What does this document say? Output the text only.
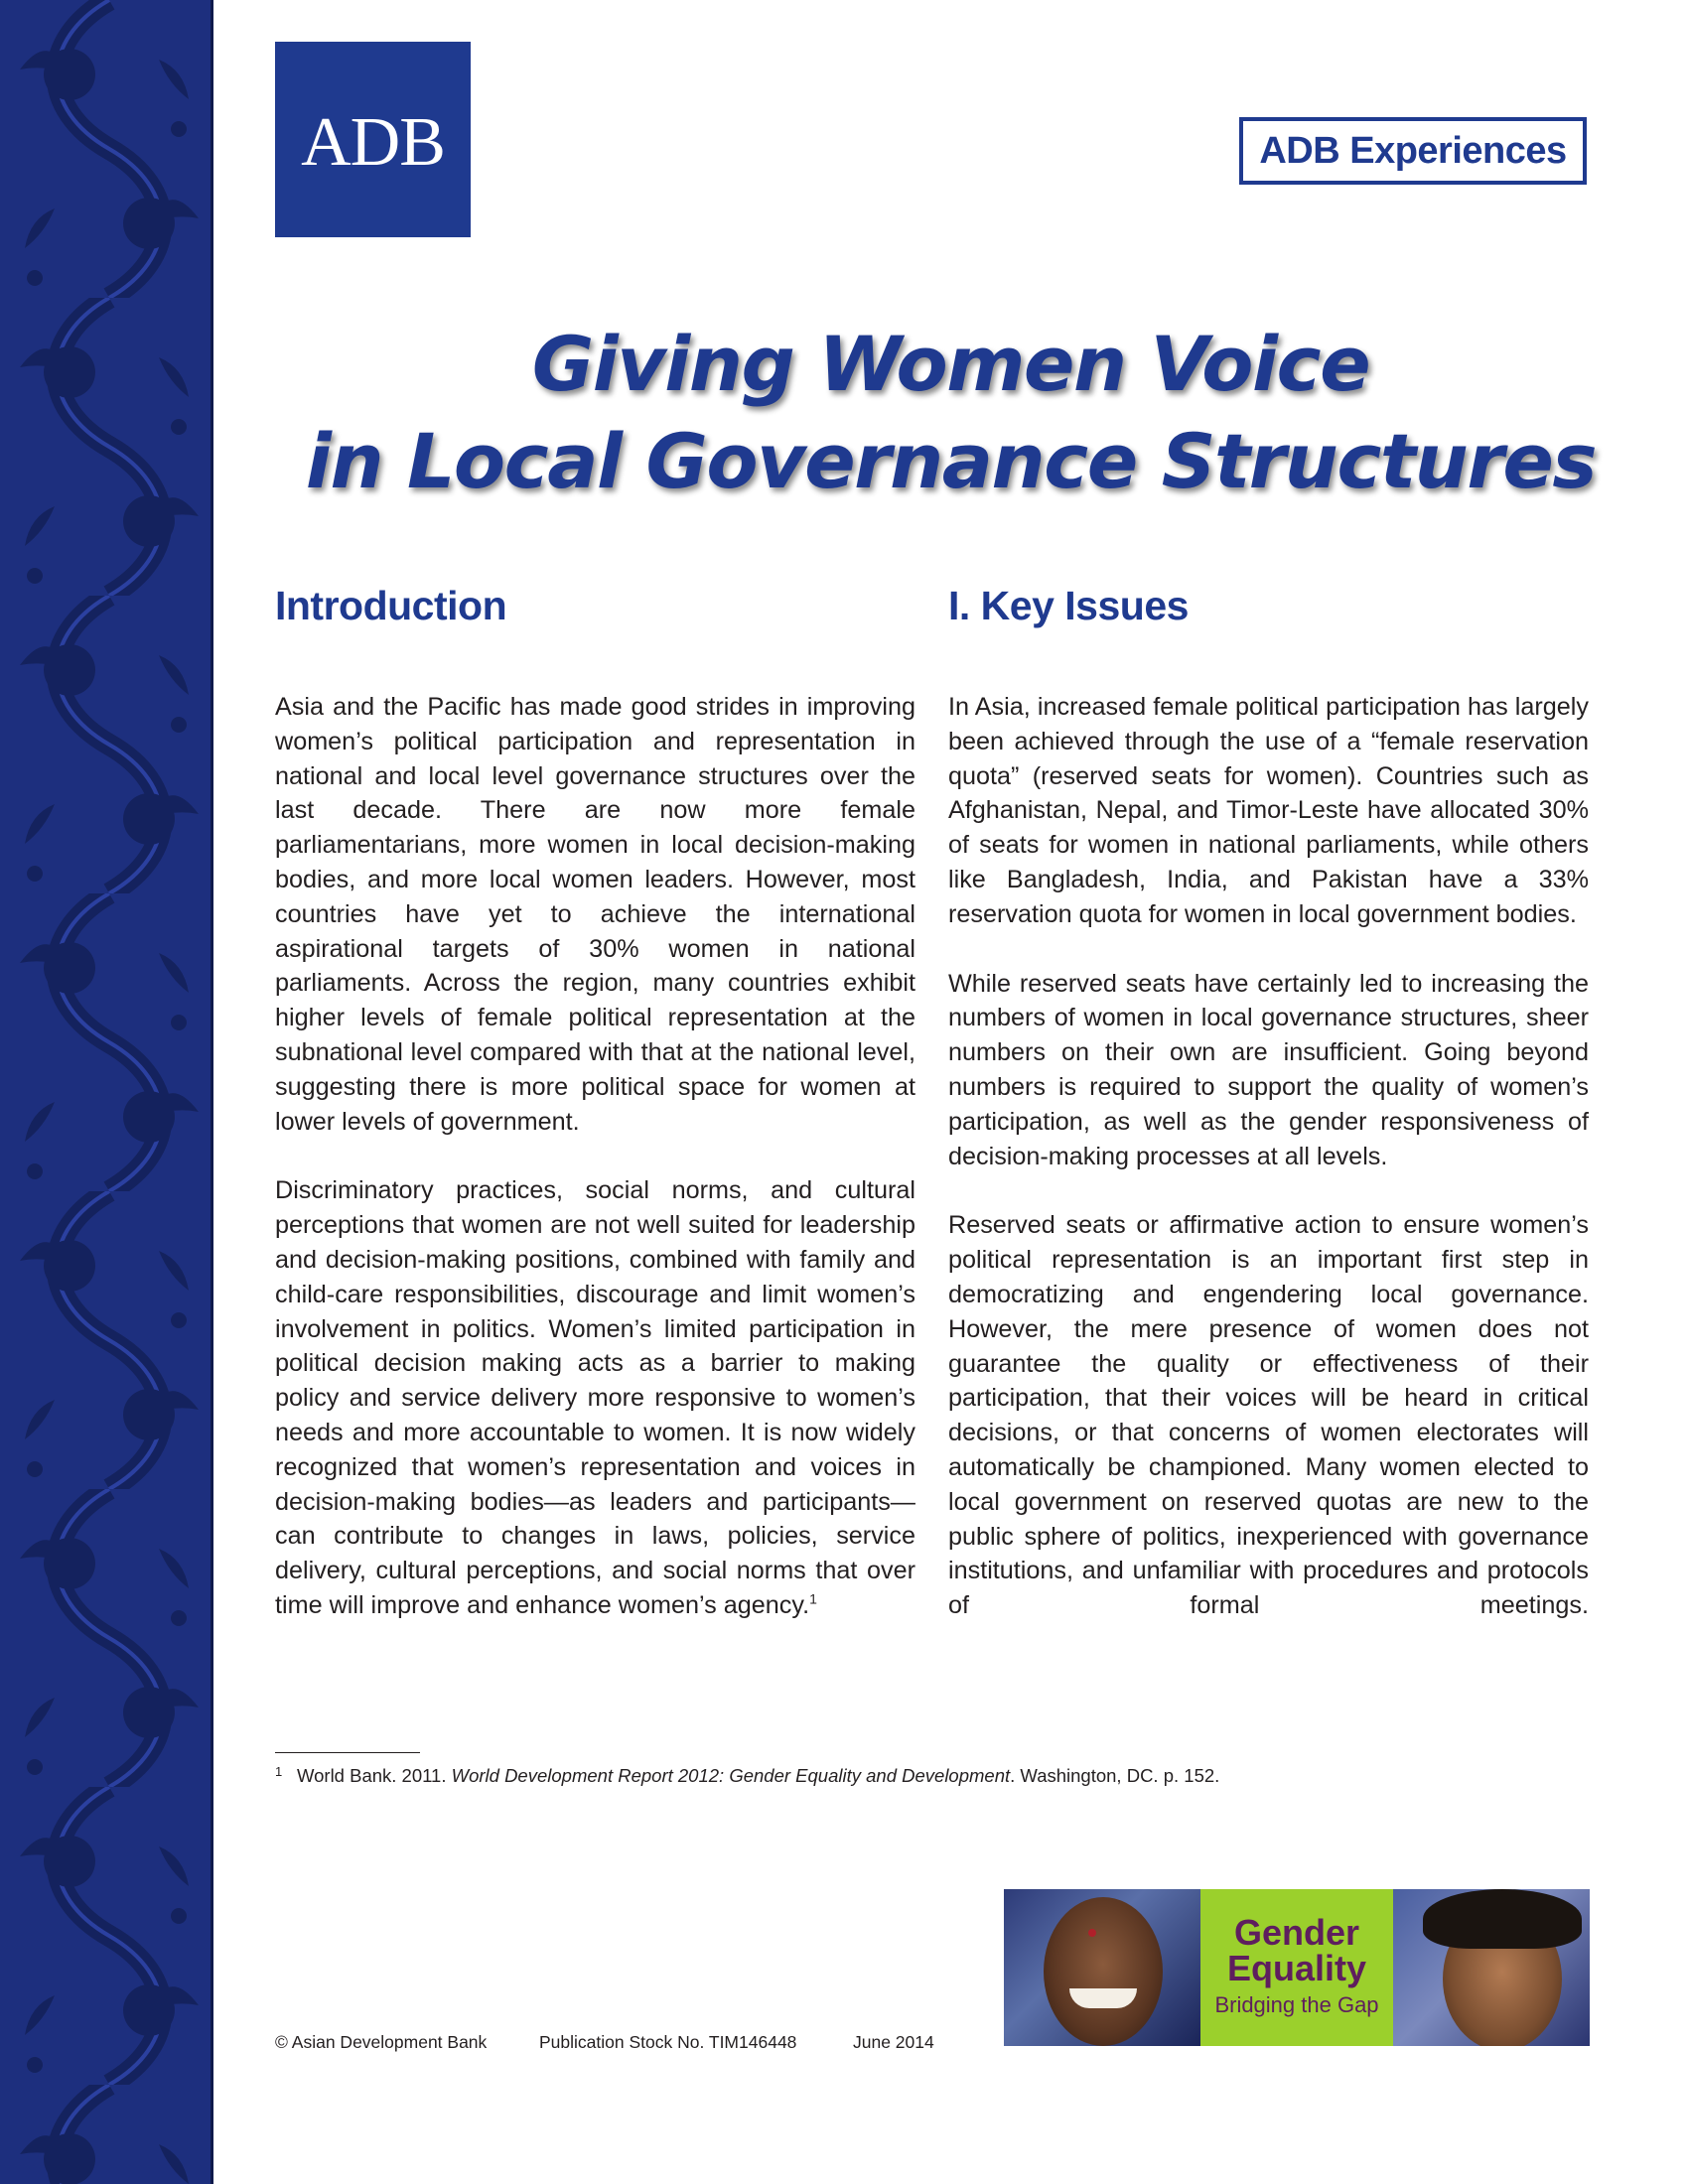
ADB	ADB Experiences
Giving Women Voice
in Local Governance Structures
Introduction

Asia and the Pacific has made good strides in improving women’s political participation and representation in national and local level governance structures over the last decade. There are now more female parliamentarians, more women in local decision-making bodies, and more local women leaders. However, most countries have yet to achieve the international aspirational targets of 30% women in national parliaments. Across the region, many countries exhibit higher levels of female political representation at the subnational level compared with that at the national level, suggesting there is more political space for women at lower levels of government.

Discriminatory practices, social norms, and cultural perceptions that women are not well suited for leadership and decision-making positions, combined with family and child-care responsibilities, discourage and limit women’s involvement in politics. Women’s limited participation in political decision making acts as a barrier to making policy and service delivery more responsive to women’s needs and more accountable to women. It is now widely recognized that women’s representation and voices in decision-making bodies—as leaders and participants—can contribute to changes in laws, policies, service delivery, cultural perceptions, and social norms that over time will improve and enhance women’s agency.$^1$

I. Key Issues

In Asia, increased female political participation has largely been achieved through the use of a “female reservation quota” (reserved seats for women). Countries such as Afghanistan, Nepal, and Timor-Leste have allocated 30% of seats for women in national parliaments, while others like Bangladesh, India, and Pakistan have a 33% reservation quota for women in local government bodies.

While reserved seats have certainly led to increasing the numbers of women in local governance structures, sheer numbers on their own are insufficient. Going beyond numbers is required to support the quality of women’s participation, as well as the gender responsiveness of decision-making processes at all levels.

Reserved seats or affirmative action to ensure women’s political representation is an important first step in democratizing and engendering local governance. However, the mere presence of women does not guarantee the quality or effectiveness of their participation, that their voices will be heard in critical decisions, or that concerns of women electorates will automatically be championed. Many women elected to local government on reserved quotas are new to the public sphere of politics, inexperienced with governance institutions, and unfamiliar with procedures and protocols of formal meetings.

1 World Bank. 2011. World Development Report 2012: Gender Equality and Development. Washington, DC. p. 152.
Gender
Equality
Bridging the Gap
© Asian Development Bank	Publication Stock No. TIM146448	June 2014
